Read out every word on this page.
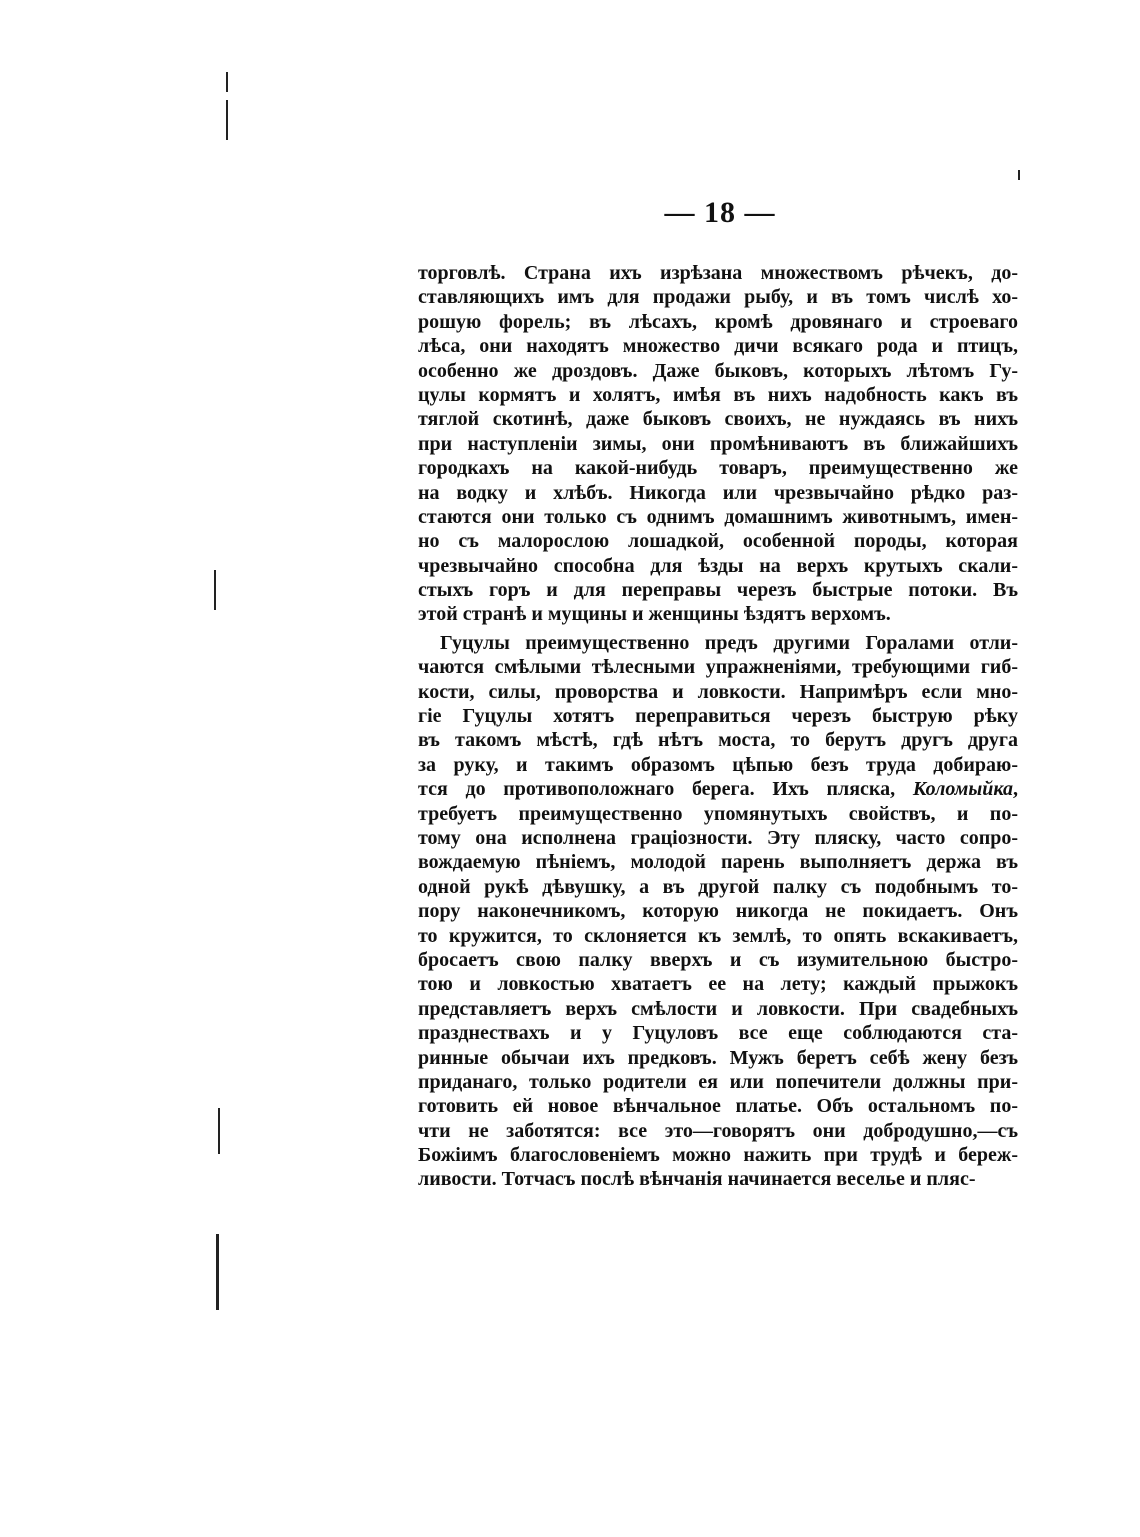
— 18 —
торговлѣ. Страна ихъ изрѣзана множествомъ рѣчекъ, до-
ставляющихъ имъ для продажи рыбу, и въ томъ числѣ хо-
рошую форель; въ лѣсахъ, кромѣ дровянаго и строеваго
лѣса, они находятъ множество дичи всякаго рода и птицъ,
особенно же дроздовъ. Даже быковъ, которыхъ лѣтомъ Гу-
цулы кормятъ и холятъ, имѣя въ нихъ надобность какъ въ
тяглой скотинѣ, даже быковъ своихъ, не нуждаясь въ нихъ
при наступленіи зимы, они промѣниваютъ въ ближайшихъ
городкахъ на какой-нибудь товаръ, преимущественно же
на водку и хлѣбъ. Никогда или чрезвычайно рѣдко раз-
стаются они только съ однимъ домашнимъ животнымъ, имен-
но съ малорослою лошадкой, особенной породы, которая
чрезвычайно способна для ѣзды на верхъ крутыхъ скали-
стыхъ горъ и для переправы черезъ быстрые потоки. Въ
этой странѣ и мущины и женщины ѣздятъ верхомъ.
Гуцулы преимущественно предъ другими Горалами отли-
чаются смѣлыми тѣлесными упражненіями, требующими гиб-
кости, силы, проворства и ловкости. Напримѣръ если мно-
гіе Гуцулы хотятъ переправиться черезъ быструю рѣку
въ такомъ мѣстѣ, гдѣ нѣтъ моста, то берутъ другъ друга
за руку, и такимъ образомъ цѣпью безъ труда добираю-
тся до противоположнаго берега. Ихъ пляска, Коломыйка,
требуетъ преимущественно упомянутыхъ свойствъ, и по-
тому она исполнена граціозности. Эту пляску, часто сопро-
вождаемую пѣніемъ, молодой парень выполняетъ держа въ
одной рукѣ дѣвушку, а въ другой палку съ подобнымъ то-
пору наконечникомъ, которую никогда не покидаетъ. Онъ
то кружится, то склоняется къ землѣ, то опять вскакиваетъ,
бросаетъ свою палку вверхъ и съ изумительною быстро-
тою и ловкостью хватаетъ ее на лету; каждый прыжокъ
представляетъ верхъ смѣлости и ловкости. При свадебныхъ
празднествахъ и у Гуцуловъ все еще соблюдаются ста-
ринные обычаи ихъ предковъ. Мужъ беретъ себѣ жену безъ
приданаго, только родители ея или попечители должны при-
готовить ей новое вѣнчальное платье. Объ остальномъ по-
чти не заботятся: все это—говорятъ они добродушно,—съ
Божіимъ благословеніемъ можно нажить при трудѣ и береж-
ливости. Тотчасъ послѣ вѣнчанія начинается веселье и пляс-
